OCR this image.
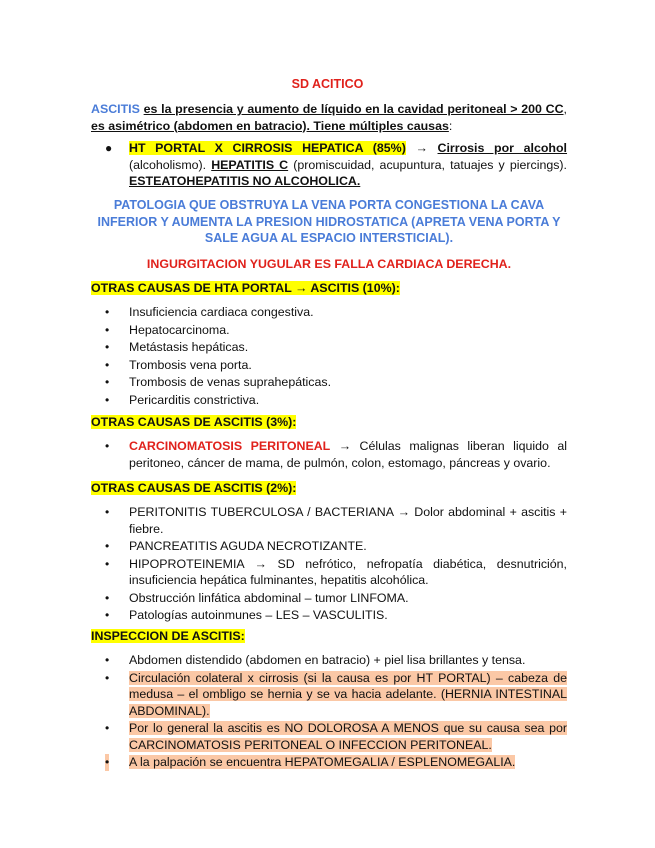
SD ACITICO
ASCITIS es la presencia y aumento de líquido en la cavidad peritoneal > 200 CC, es asimétrico (abdomen en batracio). Tiene múltiples causas:
● HT PORTAL X CIRROSIS HEPATICA (85%) → Cirrosis por alcohol (alcoholismo). HEPATITIS C (promiscuidad, acupuntura, tatuajes y piercings). ESTEATOHEPATITIS NO ALCOHOLICA.
PATOLOGIA QUE OBSTRUYA LA VENA PORTA CONGESTIONA LA CAVA INFERIOR Y AUMENTA LA PRESION HIDROSTATICA (APRETA VENA PORTA Y SALE AGUA AL ESPACIO INTERSTICIAL).
INGURGITACION YUGULAR ES FALLA CARDIACA DERECHA.
OTRAS CAUSAS DE HTA PORTAL → ASCITIS (10%):
• Insuficiencia cardiaca congestiva.
• Hepatocarcinoma.
• Metástasis hepáticas.
• Trombosis vena porta.
• Trombosis de venas suprahepáticas.
• Pericarditis constrictiva.
OTRAS CAUSAS DE ASCITIS (3%):
• CARCINOMATOSIS PERITONEAL → Células malignas liberan liquido al peritoneo, cáncer de mama, de pulmón, colon, estomago, páncreas y ovario.
OTRAS CAUSAS DE ASCITIS (2%):
• PERITONITIS TUBERCULOSA / BACTERIANA → Dolor abdominal + ascitis + fiebre.
• PANCREATITIS AGUDA NECROTIZANTE.
• HIPOPROTEINEMIA → SD nefrótico, nefropatía diabética, desnutrición, insuficiencia hepática fulminantes, hepatitis alcohólica.
• Obstrucción linfática abdominal – tumor LINFOMA.
• Patologías autoinmunes – LES – VASCULITIS.
INSPECCION DE ASCITIS:
• Abdomen distendido (abdomen en batracio) + piel lisa brillantes y tensa.
• Circulación colateral x cirrosis (si la causa es por HT PORTAL) – cabeza de medusa – el ombligo se hernia y se va hacia adelante. (HERNIA INTESTINAL ABDOMINAL).
• Por lo general la ascitis es NO DOLOROSA A MENOS que su causa sea por CARCINOMATOSIS PERITONEAL O INFECCION PERITONEAL.
• A la palpación se encuentra HEPATOMEGALIA / ESPLENOMEGALIA.
